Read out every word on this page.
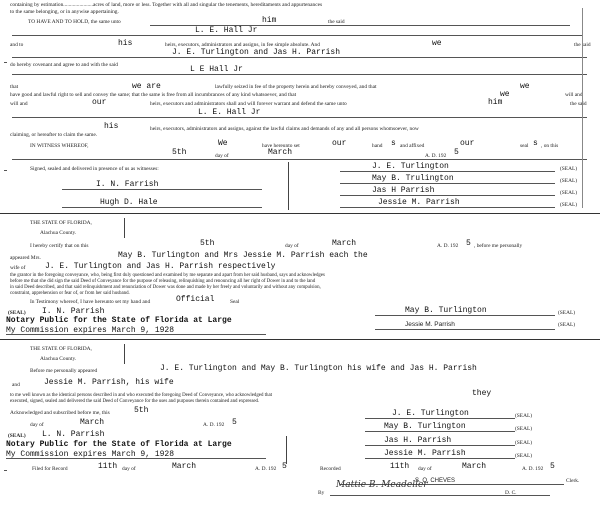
containing by estimation......................acres of land, more or less. Together with all and singular the tenements, hereditaments and appurtenances
to the same belonging, or in anywise appertaining.
TO HAVE AND TO HOLD, the same unto	him	the said
L. E. Hall Jr
and to	his	heirs, executors, administrators and assigns, in fee simple absolute. And	we	the said
J. E. Turlington and Jas H. Parrish
do hereby covenant and agree to and with the said	L E Hall Jr
that	we are	lawfully seized in fee of the property herein and hereby conveyed, and that	we
have good and lawful right to sell and convey the same; that the same is free from all incumbrances of any kind whatsoever, and that	we	will and
will and	our	heirs, executors and administrators shall and will forever warrant and defend the same unto	him	the said
L. E. Hall Jr
his	heirs, executors, administrators and assigns, against the lawful claims and demands of any and all persons whomsoever, now
claiming, or hereafter to claim the same.
IN WITNESS WHEREOF,	We	have hereunto set	our	hand s and affixed	our	seal s , on this
5th	day of	March	A. D. 192 5
Signed, sealed and delivered in presence of us as witnesses:	J. E. Turlington	(SEAL)
May B. Trulington	(SEAL)
I. N. Farrish
Jas H Parrish	(SEAL)
Hugh D. Hale	Jessie M. Parrish	(SEAL)
THE STATE OF FLORIDA,
Alachua County.
I hereby certify that on this	5th	day of	March	A. D. 192 5 , before me personally
appeared Mrs.	May B. Turlington and Mrs Jessie M. Parrish each the
wife of J. E. Turlington and Jas H. Parrish respectively
the grantor in the foregoing conveyance, who, being first duly questioned and examined by me separate and apart from her said husband, says and acknowledges
before me that she did sign the said Deed of Conveyance for the purpose of releasing, relinquishing and renouncing all her right of Dower in and to the land
in said Deed described, and that said relinquishment and renunciation of Dower was done and made by her freely and voluntarily and without any compulsion,
constraint, apprehension or fear of, or from her said husband.
In Testimony whereof, I have hereunto set my hand and	Official	Seal
(SEAL) I. N. Parrish
Notary Public for the State of Florida at Large
My Commission expires March 9, 1928
May B. Turlington	(SEAL)
Jessie M. Parrish	(SEAL)
THE STATE OF FLORIDA,
Alachua County.
Before me personally appeared	J. E. Turlington and May B. Turlington his wife and Jas H. Parrish
and	Jessie M. Parrish, his wife
to me well known as the identical persons described in and who executed the foregoing Deed of Conveyance, who acknowledged that	they
executed, signed, sealed and delivered the said Deed of Conveyance for the uses and purposes therein contained and expressed.
Acknowledged and subscribed before me, this	5th	J. E. Turlington	(SEAL)
day of	March	A. D. 192 5
(SEAL) L. N. Parrish
May B. Turlington	(SEAL)
Notary Public for the State of Florida at Large	Jas H. Parrish	(SEAL)
My Commission expires March 9, 1928	Jessie M. Parrish	(SEAL)
Filed for Record	11th day of	March	A. D. 192 5	Recorded	11th day of	March	A. D. 192 5
S. O. CHEVES	Clerk.
By
Mattie B. Meadeller
D. C.
